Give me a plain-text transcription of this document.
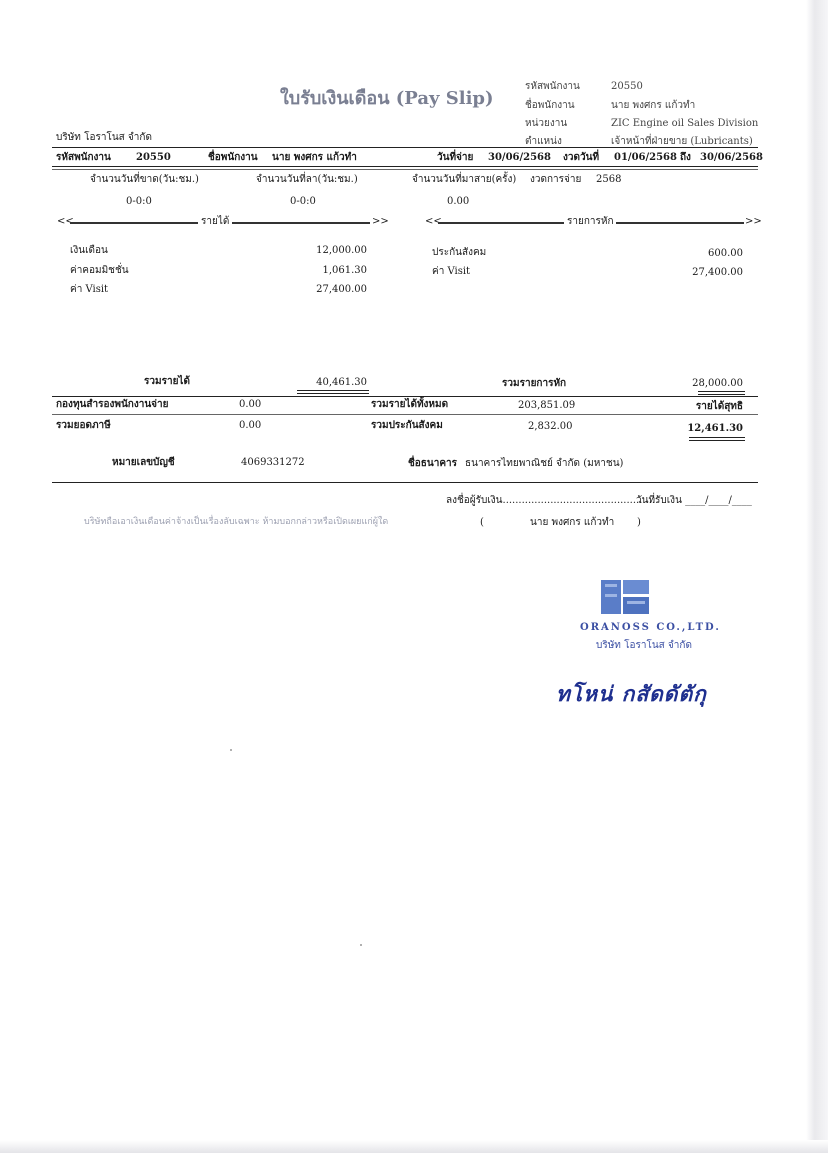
ใบรับเงินเดือน (Pay Slip)
รหัสพนักงาน	20550
ชื่อพนักงาน	นาย พงศกร แก้วทำ
หน่วยงาน	ZIC Engine oil Sales Division
ตำแหน่ง	เจ้าหน้าที่ฝ่ายขาย (Lubricants)
บริษัท โอราโนส จำกัด
รหัสพนักงาน	20550	ชื่อพนักงาน นาย พงศกร แก้วทำ	วันที่จ่าย 30/06/2568 งวดวันที่ 01/06/2568 ถึง 30/06/2568
จำนวนวันที่ขาด(วัน:ชม.)
0-0:0
จำนวนวันที่ลา(วัน:ชม.)
0-0:0
จำนวนวันที่มาสาย(ครั้ง)
0.00
งวดการจ่าย 2568
<<	รายได้	>>	<<	รายการหัก	>>
เงินเดือน	12,000.00
ค่าคอมมิชชั่น	1,061.30
ค่า Visit	27,400.00
ประกันสังคม	600.00
ค่า Visit	27,400.00
รวมรายได้	40,461.30	รวมรายการหัก	28,000.00
กองทุนสำรองพนักงานจ่าย	0.00	รวมรายได้ทั้งหมด	203,851.09	รายได้สุทธิ
รวมยอดภาษี	0.00	รวมประกันสังคม	2,832.00	12,461.30
หมายเลขบัญชี	4069331272	ชื่อธนาคาร ธนาคารไทยพาณิชย์ จำกัด (มหาชน)
ลงชื่อผู้รับเงิน.................................................
วันที่รับเงิน ____/____/____
บริษัทถือเอาเงินเดือนค่าจ้างเป็นเรื่องลับเฉพาะ ห้ามบอกกล่าวหรือเปิดเผยแก่ผู้ใด	(	นาย พงศกร แก้วทำ )
ORANOSS CO.,LTD.
บริษัท โอราโนส จำกัด
ทโหน่ กสัดดัตักุ
